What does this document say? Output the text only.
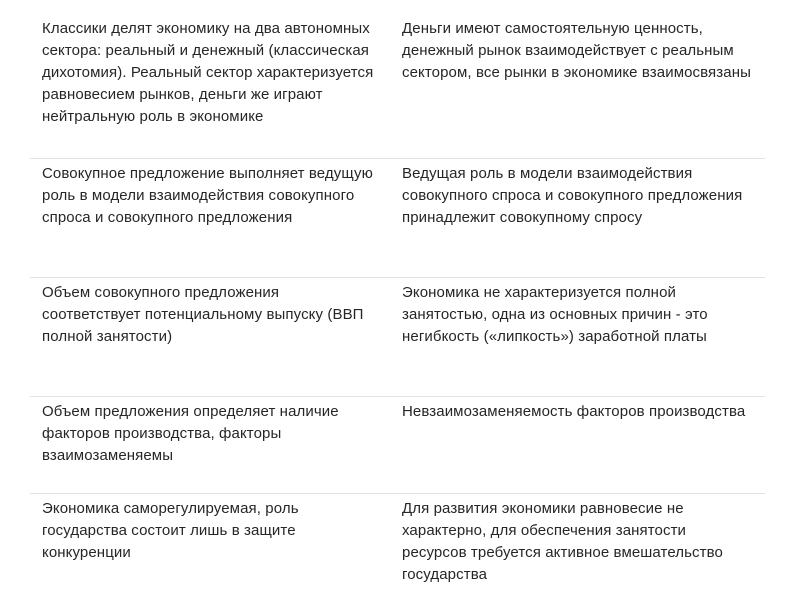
Классики делят экономику на два автономных сектора: реальный и денежный (классическая дихотомия). Реальный сектор характеризуется равновесием рынков, деньги же играют нейтральную роль в экономике	Деньги имеют самостоятельную ценность, денежный рынок взаимодействует с реальным сектором, все рынки в экономике взаимосвязаны
Совокупное предложение выполняет ведущую роль в модели взаимодействия совокупного спроса и совокупного предложения	Ведущая роль в модели взаимодействия совокупного спроса и совокупного предложения принадлежит совокупному спросу
Объем совокупного предложения соответствует потенциальному выпуску (ВВП полной занятости)	Экономика не характеризуется полной занятостью, одна из основных причин - это негибкость («липкость») заработной платы
Объем предложения определяет наличие факторов производства, факторы взаимозаменяемы	Невзаимозаменяемость факторов производства
Экономика саморегулируемая, роль государства состоит лишь в защите конкуренции	Для развития экономики равновесие не характерно, для обеспечения занятости ресурсов требуется активное вмешательство государства
